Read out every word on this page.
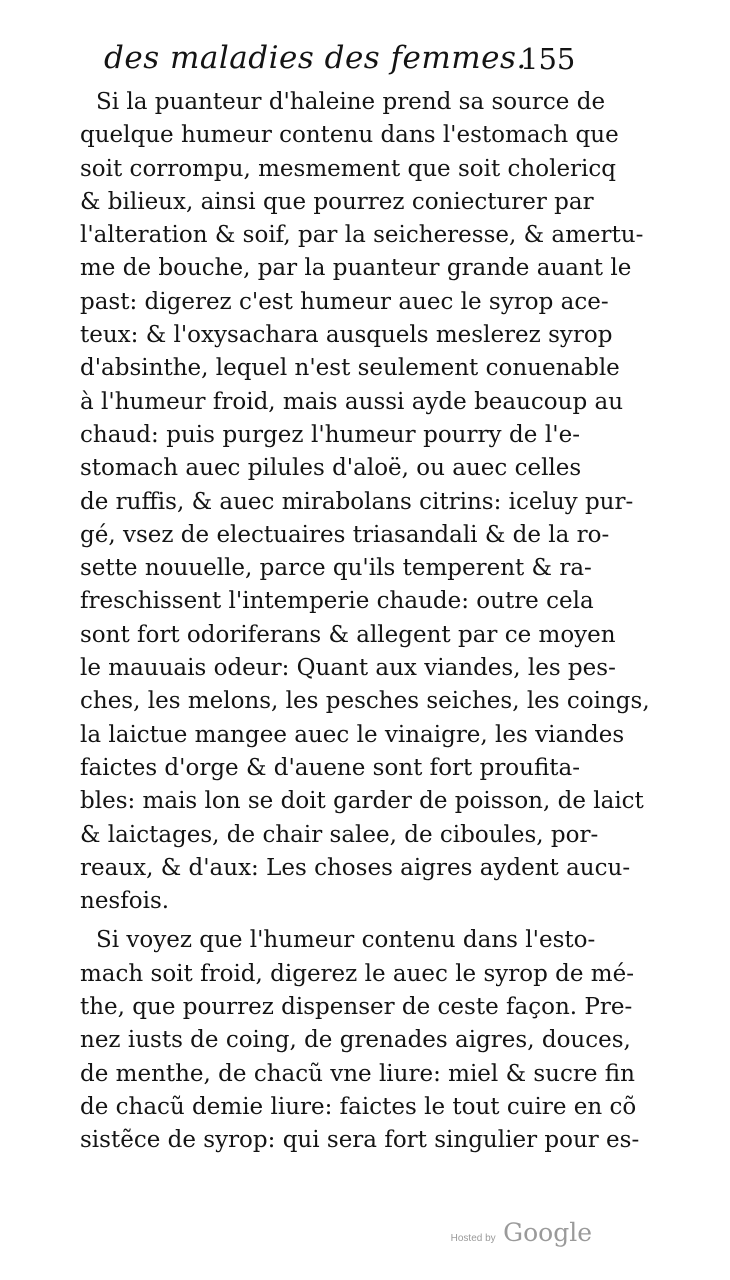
des maladies des femmes.
155
Si la puanteur d'haleine prend sa source de
quelque humeur contenu dans l'estomach que
soit corrompu, mesmement que soit cholericq
& bilieux, ainsi que pourrez coniecturer par
l'alteration & soif, par la seicheresse, & amertu-
me de bouche, par la puanteur grande auant le
past: digerez c'est humeur auec le syrop ace-
teux: & l'oxysachara ausquels meslerez syrop
d'absinthe, lequel n'est seulement conuenable
à l'humeur froid, mais aussi ayde beaucoup au
chaud: puis purgez l'humeur pourry de l'e-
stomach auec pilules d'aloë, ou auec celles
de ruffis, & auec mirabolans citrins: iceluy pur-
gé, vsez de electuaires triasandali & de la ro-
sette nouuelle, parce qu'ils temperent & ra-
freschissent l'intemperie chaude: outre cela
sont fort odoriferans & allegent par ce moyen
le mauuais odeur: Quant aux viandes, les pes-
ches, les melons, les pesches seiches, les coings,
la laictue mangee auec le vinaigre, les viandes
faictes d'orge & d'auene sont fort proufita-
bles: mais lon se doit garder de poisson, de laict
& laictages, de chair salee, de ciboules, por-
reaux, & d'aux: Les choses aigres aydent aucu-
nesfois.
Si voyez que l'humeur contenu dans l'esto-
mach soit froid, digerez le auec le syrop de mé-
the, que pourrez dispenser de ceste façon. Pre-
nez iusts de coing, de grenades aigres, douces,
de menthe, de chacũ vne liure: miel & sucre fin
de chacũ demie liure: faictes le tout cuire en cõ
sistẽce de syrop: qui sera fort singulier pour es-
Hosted by Google
